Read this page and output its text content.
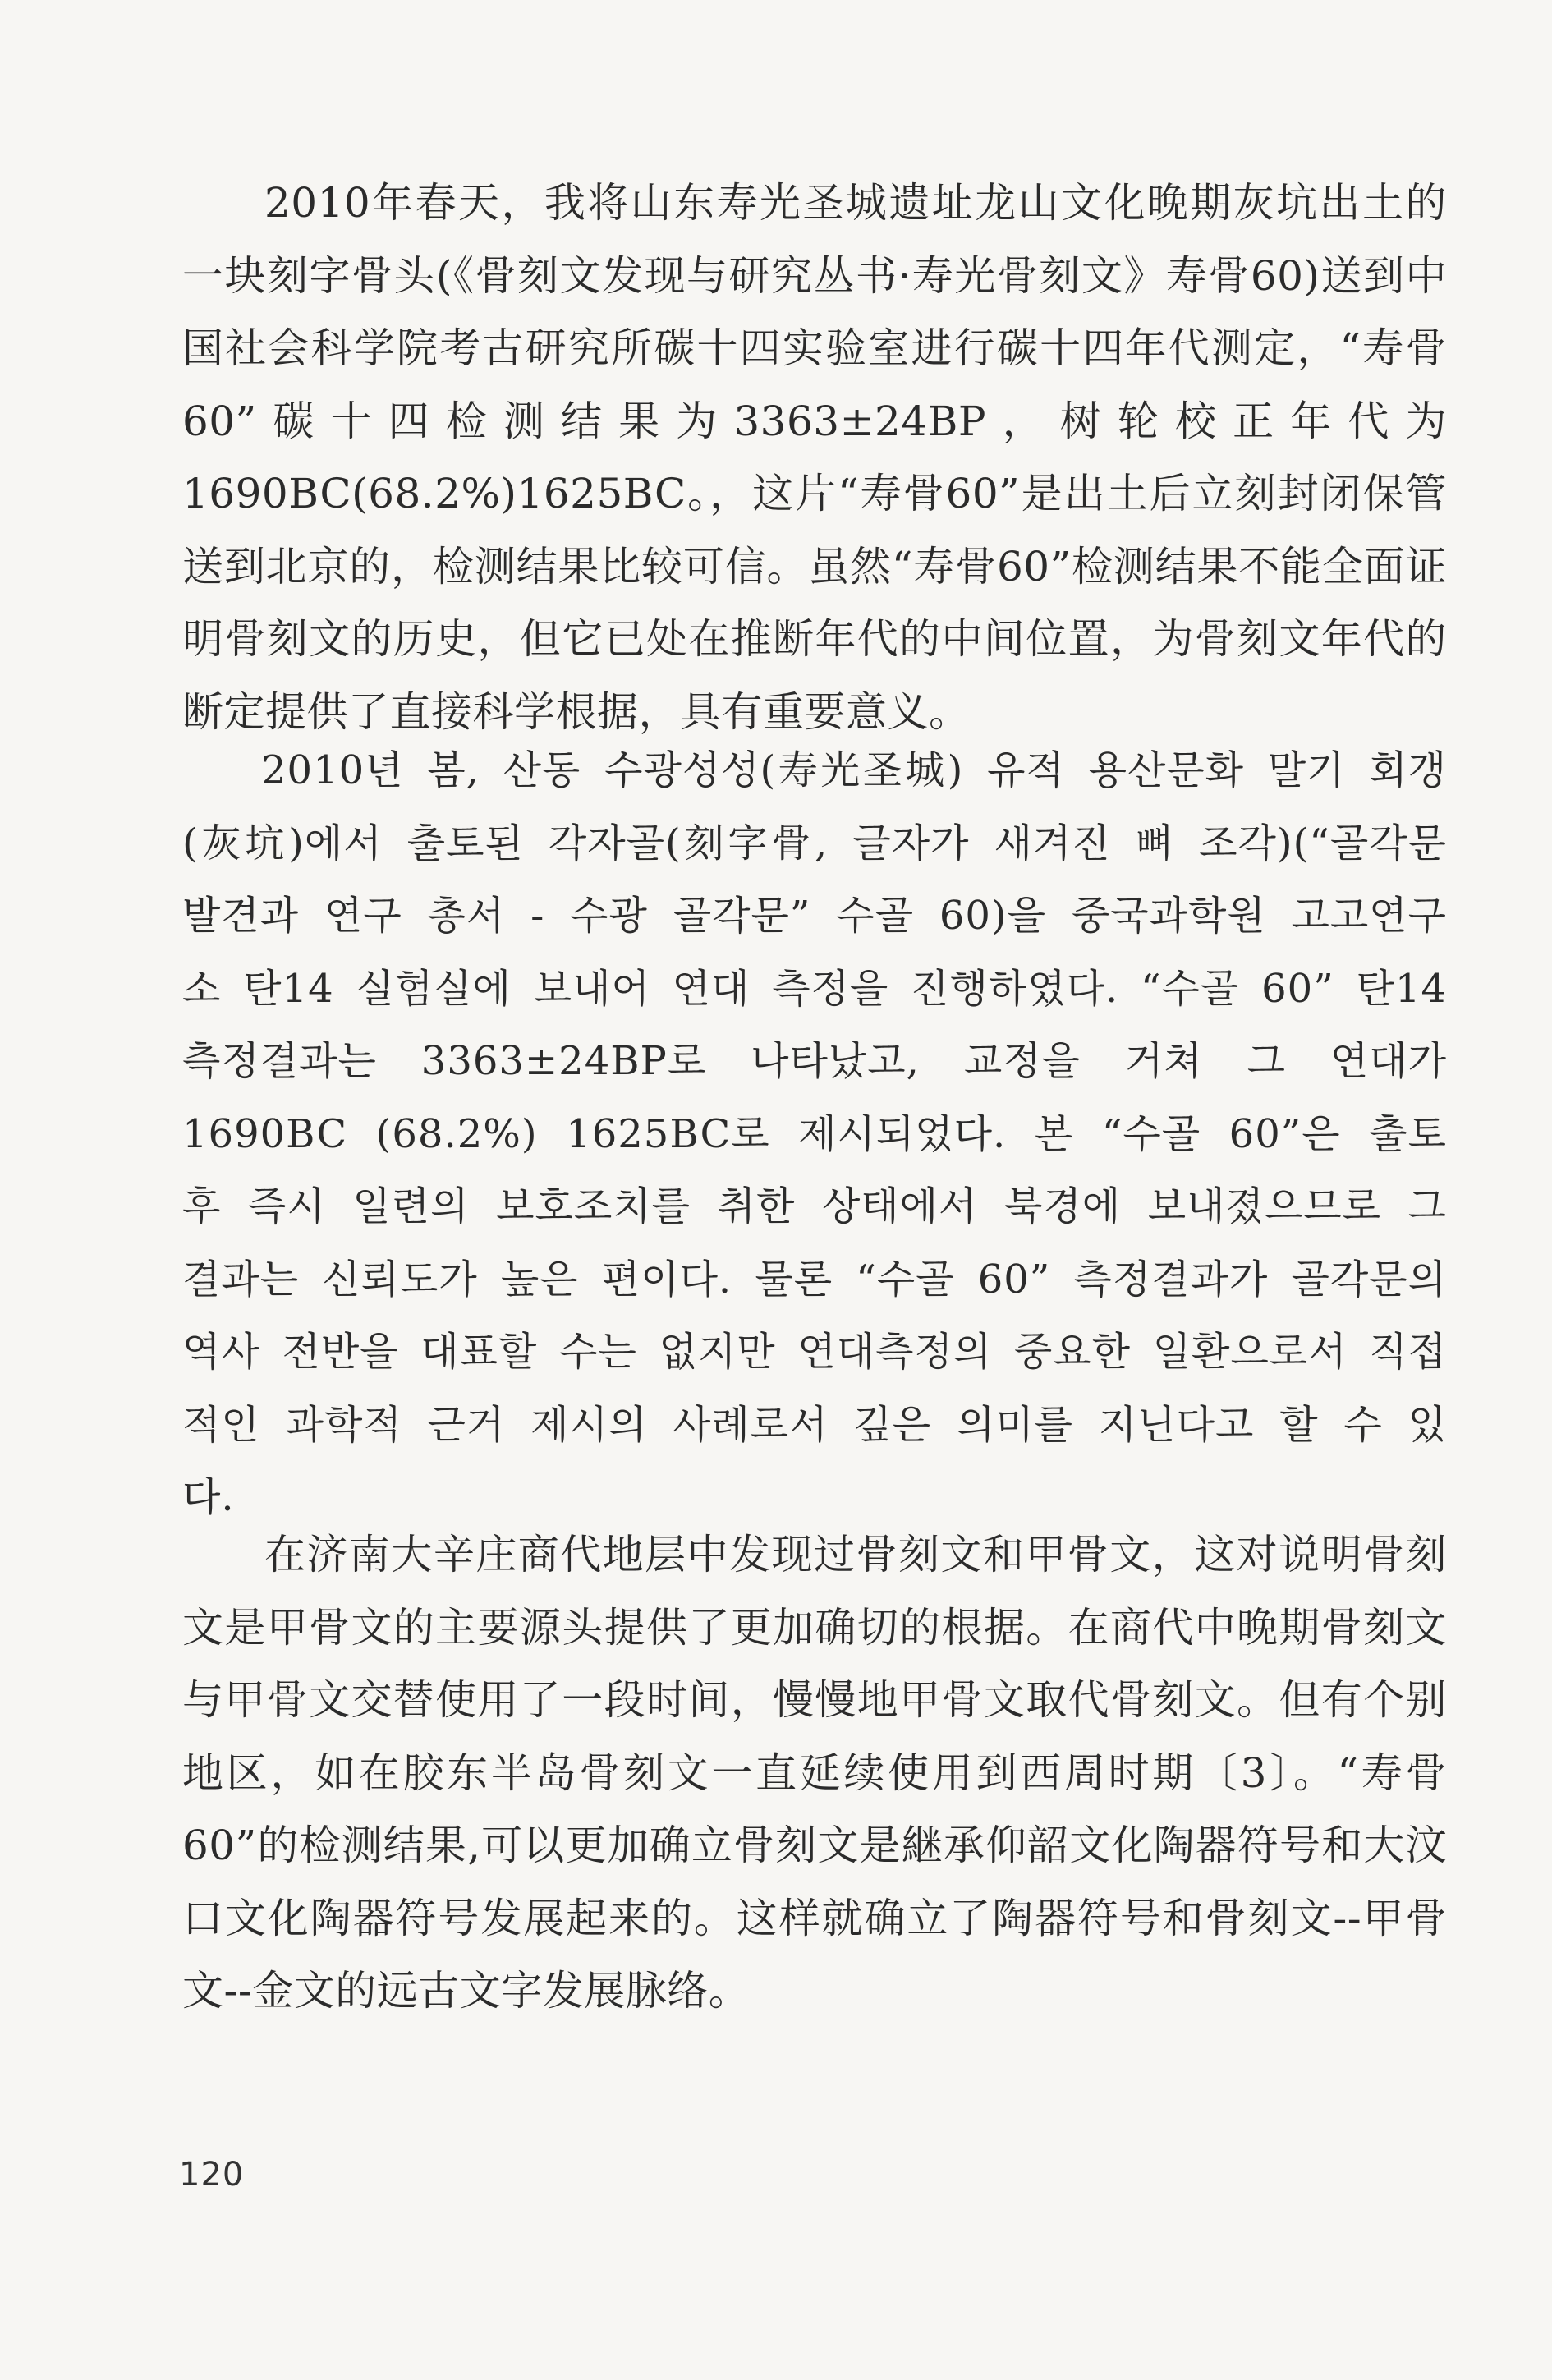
2010年春天，我将山东寿光圣城遗址龙山文化晚期灰坑出土的一块刻字骨头(《骨刻文发现与研究丛书·寿光骨刻文》寿骨60)送到中国社会科学院考古研究所碳十四实验室进行碳十四年代测定，“寿骨60”碳十四检测结果为3363±24BP，树轮校正年代为1690BC(68.2%)1625BC。，这片“寿骨60”是出土后立刻封闭保管送到北京的，检测结果比较可信。虽然“寿骨60”检测结果不能全面证明骨刻文的历史，但它已处在推断年代的中间位置，为骨刻文年代的断定提供了直接科学根据，具有重要意义。

2010년 봄, 산동 수광성성(寿光圣城) 유적 용산문화 말기 회갱(灰坑)에서 출토된 각자골(刻字骨, 글자가 새겨진 뼈 조각)(“골각문 발견과 연구 총서 - 수광 골각문” 수골 60)을 중국과학원 고고연구소 탄14 실험실에 보내어 연대 측정을 진행하였다. “수골 60” 탄14 측정결과는 3363±24BP로 나타났고, 교정을 거쳐 그 연대가 1690BC (68.2%) 1625BC로 제시되었다. 본 “수골 60”은 출토 후 즉시 일련의 보호조치를 취한 상태에서 북경에 보내졌으므로 그 결과는 신뢰도가 높은 편이다. 물론 “수골 60” 측정결과가 골각문의 역사 전반을 대표할 수는 없지만 연대측정의 중요한 일환으로서 직접적인 과학적 근거 제시의 사례로서 깊은 의미를 지닌다고 할 수 있다.

在济南大辛庄商代地层中发现过骨刻文和甲骨文，这对说明骨刻文是甲骨文的主要源头提供了更加确切的根据。在商代中晚期骨刻文与甲骨文交替使用了一段时间，慢慢地甲骨文取代骨刻文。但有个别地区，如在胶东半岛骨刻文一直延续使用到西周时期〔3〕。“寿骨60”的检测结果,可以更加确立骨刻文是継承仰韶文化陶器符号和大汶口文化陶器符号发展起来的。这样就确立了陶器符号和骨刻文--甲骨文--金文的远古文字发展脉络。

120
